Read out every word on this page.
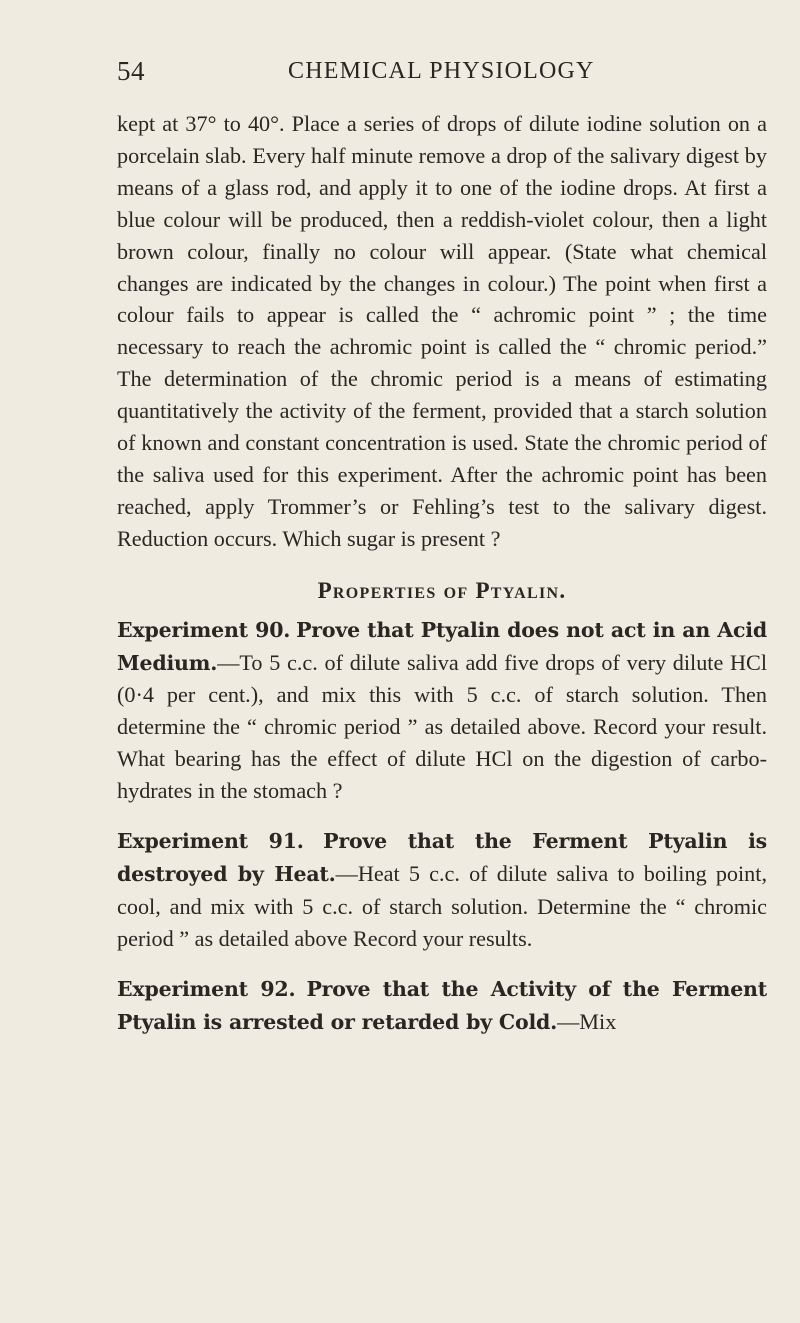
54	CHEMICAL PHYSIOLOGY

kept at 37° to 40°. Place a series of drops of dilute iodine solution on a porcelain slab. Every half minute remove a drop of the salivary digest by means of a glass rod, and apply it to one of the iodine drops. At first a blue colour will be produced, then a reddish-violet colour, then a light brown colour, finally no colour will appear. (State what chemical changes are indicated by the changes in colour.) The point when first a colour fails to appear is called the “ achromic point ” ; the time necessary to reach the achromic point is called the “ chromic period.” The determination of the chromic period is a means of estimating quantitatively the activity of the ferment, provided that a starch solution of known and constant concentration is used. State the chromic period of the saliva used for this experiment. After the achromic point has been reached, apply Trommer’s or Fehling’s test to the salivary digest. Reduction occurs. Which sugar is present ?

Properties of Ptyalin.

Experiment 90. Prove that Ptyalin does not act in an Acid Medium.—To 5 c.c. of dilute saliva add five drops of very dilute HCl (0·4 per cent.), and mix this with 5 c.c. of starch solution. Then determine the “ chromic period ” as detailed above. Record your result. What bearing has the effect of dilute HCl on the digestion of carbo- hydrates in the stomach ?

Experiment 91. Prove that the Ferment Ptyalin is destroyed by Heat.—Heat 5 c.c. of dilute saliva to boiling point, cool, and mix with 5 c.c. of starch solution. Determine the “ chromic period ” as detailed above Record your results.

Experiment 92. Prove that the Activity of the Ferment Ptyalin is arrested or retarded by Cold.—Mix
